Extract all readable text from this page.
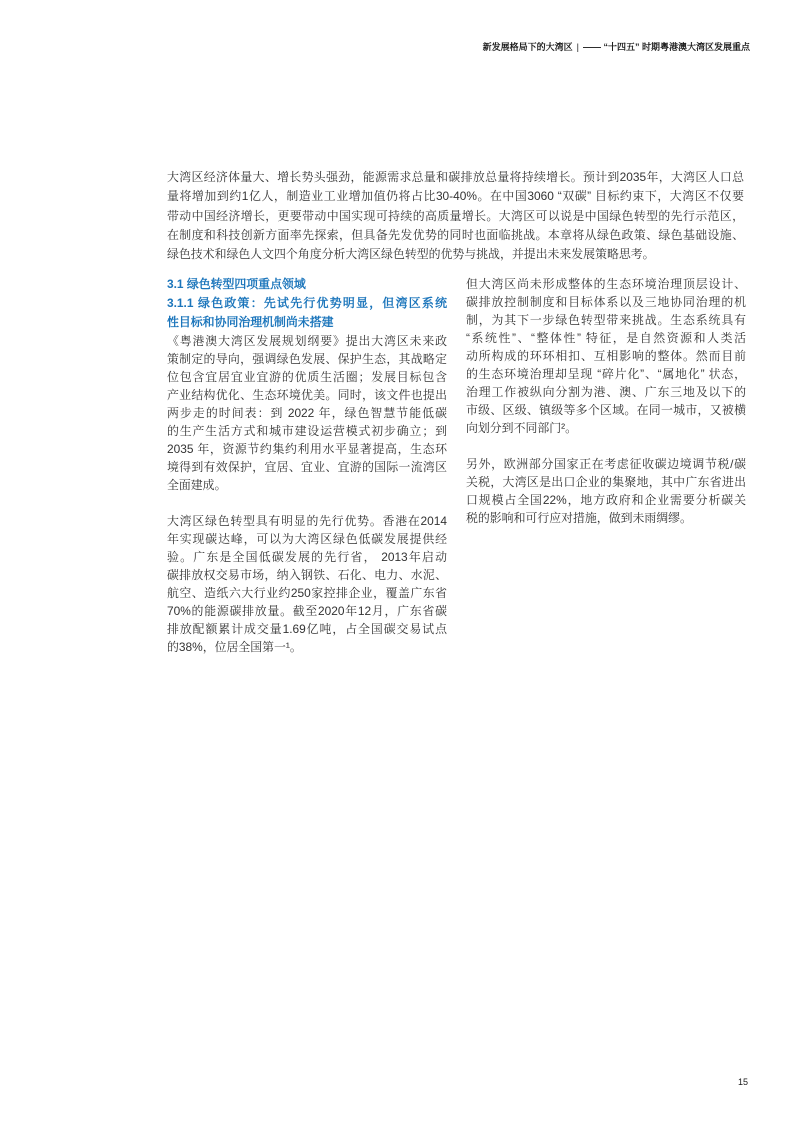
新发展格局下的大湾区 | —— “十四五” 时期粤港澳大湾区发展重点
大湾区经济体量大、增长势头强劲，能源需求总量和碳排放总量将持续增长。预计到2035年，大湾区人口总
量将增加到约1亿人，制造业工业增加值仍将占比30-40%。在中国3060 “双碳” 目标约束下，大湾区不仅要
带动中国经济增长，更要带动中国实现可持续的高质量增长。大湾区可以说是中国绿色转型的先行示范区，
在制度和科技创新方面率先探索，但具备先发优势的同时也面临挑战。本章将从绿色政策、绿色基础设施、
绿色技术和绿色人文四个角度分析大湾区绿色转型的优势与挑战，并提出未来发展策略思考。
3.1 绿色转型四项重点领域
3.1.1 绿色政策：先试先行优势明显，但湾区系统
性目标和协同治理机制尚未搭建
《粤港澳大湾区发展规划纲要》提出大湾区未来政
策制定的导向，强调绿色发展、保护生态，其战略定
位包含宜居宜业宜游的优质生活圈；发展目标包含
产业结构优化、生态环境优美。同时，该文件也提出
两步走的时间表：到 2022 年，绿色智慧节能低碳
的生产生活方式和城市建设运营模式初步确立；到
2035 年，资源节约集约利用水平显著提高，生态环
境得到有效保护，宜居、宜业、宜游的国际一流湾区
全面建成。
大湾区绿色转型具有明显的先行优势。香港在2014
年实现碳达峰，可以为大湾区绿色低碳发展提供经
验。广东是全国低碳发展的先行省， 2013年启动
碳排放权交易市场，纳入钢铁、石化、电力、水泥、
航空、造纸六大行业约250家控排企业，覆盖广东省
70%的能源碳排放量。截至2020年12月，广东省碳
排放配额累计成交量1.69亿吨，占全国碳交易试点
的38%，位居全国第一¹。
但大湾区尚未形成整体的生态环境治理顶层设计、
碳排放控制制度和目标体系以及三地协同治理的机
制，为其下一步绿色转型带来挑战。生态系统具有
“系统性”、“整体性” 特征，是自然资源和人类活
动所构成的环环相扣、互相影响的整体。然而目前
的生态环境治理却呈现 “碎片化”、“属地化” 状态，
治理工作被纵向分割为港、澳、广东三地及以下的
市级、区级、镇级等多个区域。在同一城市，又被横
向划分到不同部门²。
另外，欧洲部分国家正在考虑征收碳边境调节税/碳
关税，大湾区是出口企业的集聚地，其中广东省进出
口规模占全国22%，地方政府和企业需要分析碳关
税的影响和可行应对措施，做到未雨绸缪。
15
